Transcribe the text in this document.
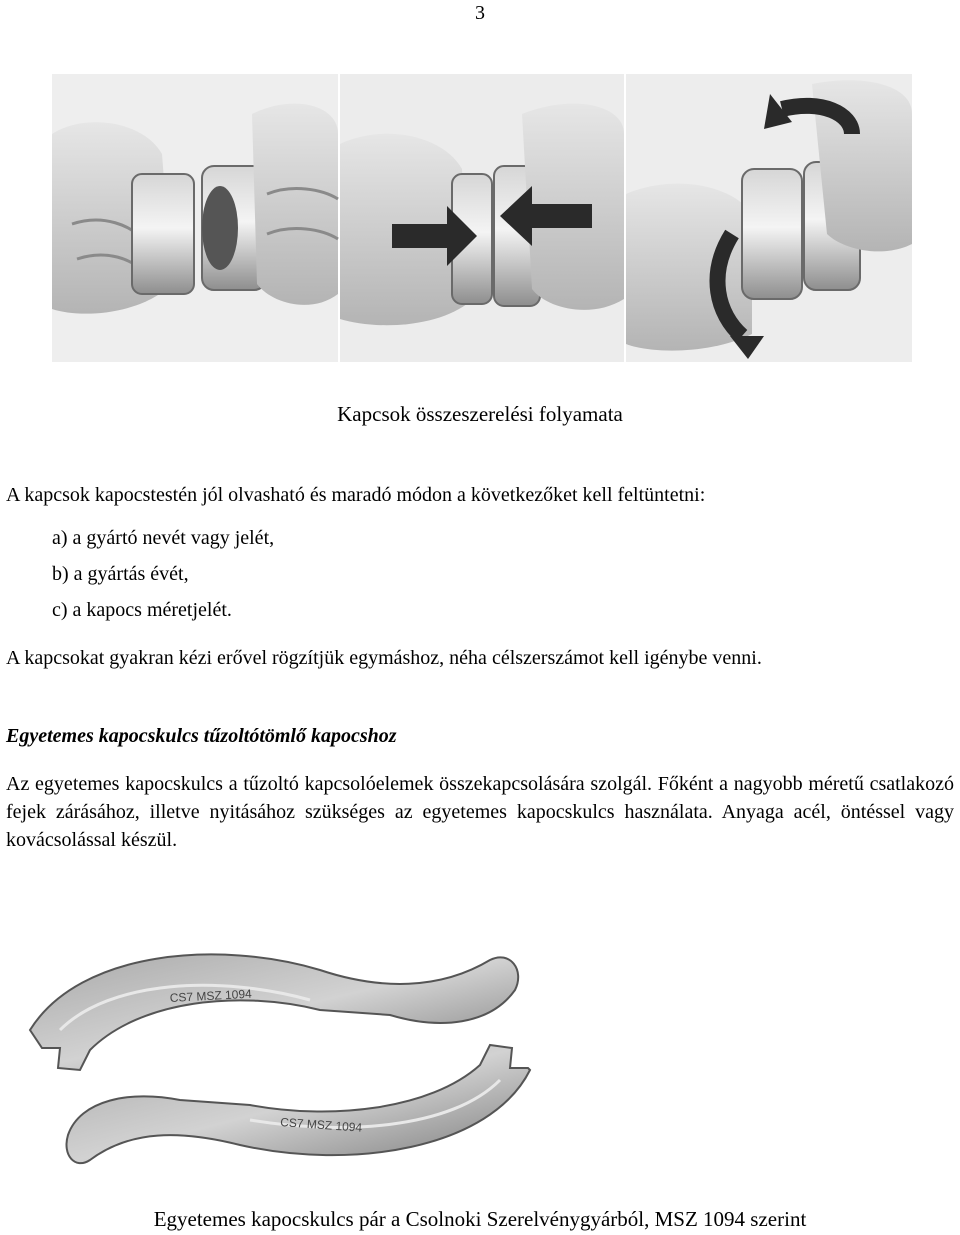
3
Kapcsok összeszerelési folyamata
A kapcsok kapocstestén jól olvasható és maradó módon a következőket kell feltüntetni:
a) a gyártó nevét vagy jelét,
b) a gyártás évét,
c) a kapocs méretjelét.
A kapcsokat gyakran kézi erővel rögzítjük egymáshoz, néha célszerszámot kell igénybe venni.
Egyetemes kapocskulcs tűzoltótömlő kapocshoz
Az egyetemes kapocskulcs a tűzoltó kapcsolóelemek összekapcsolására szolgál. Főként a nagyobb méretű csatlakozó fejek zárásához, illetve nyitásához szükséges az egyetemes kapocskulcs használata. Anyaga acél, öntéssel vagy kovácsolással készül.
CS7 MSZ 1094
CS7 MSZ 1094
Egyetemes kapocskulcs pár a Csolnoki Szerelvénygyárból, MSZ 1094 szerint
